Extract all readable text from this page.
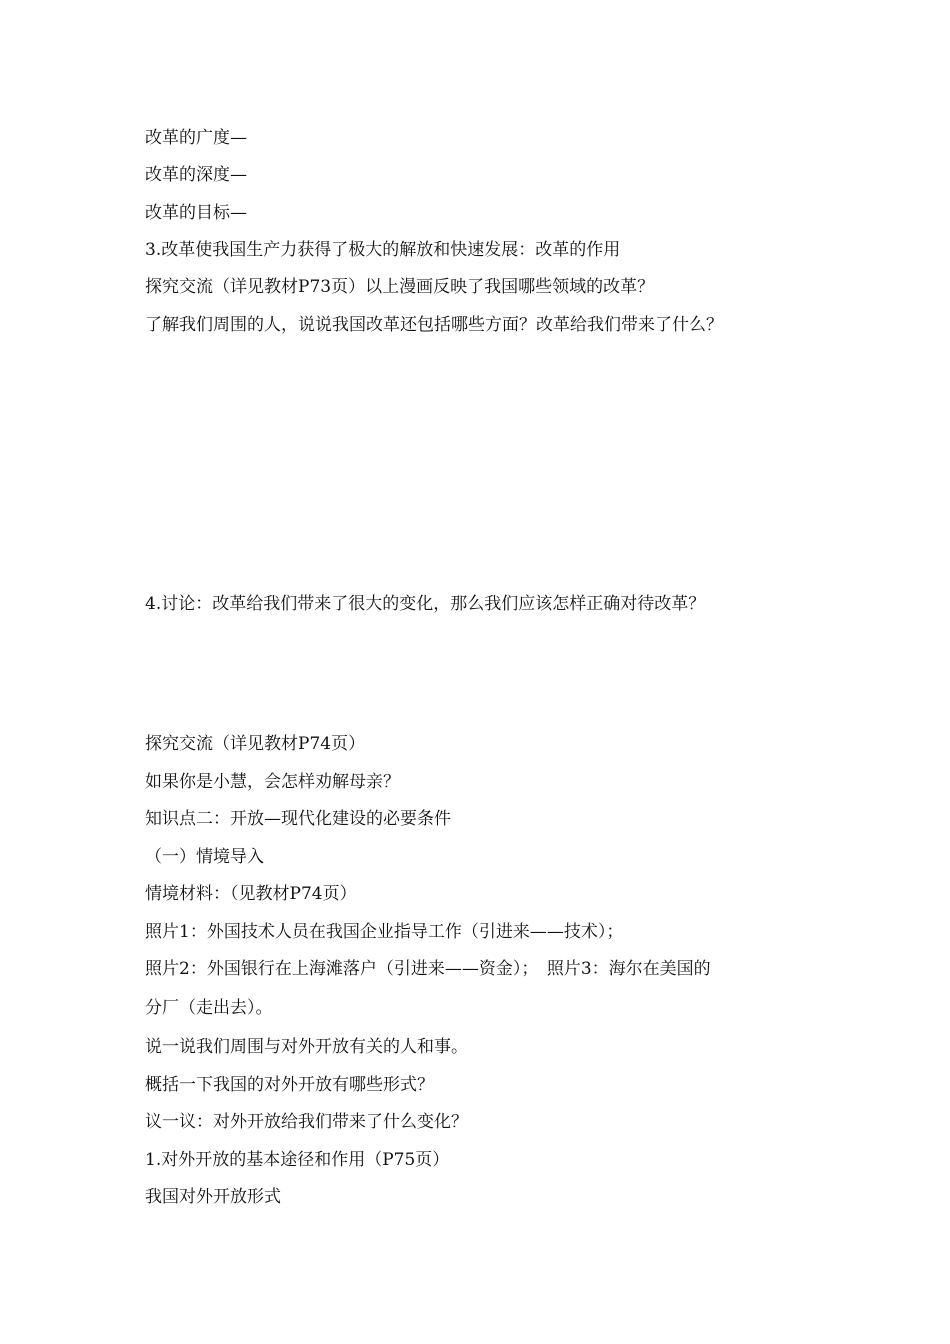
改革的广度—
改革的深度—
改革的目标—
3.改革使我国生产力获得了极大的解放和快速发展：改革的作用
探究交流（详见教材P73页）以上漫画反映了我国哪些领域的改革？
了解我们周围的人，说说我国改革还包括哪些方面？改革给我们带来了什么？
4.讨论：改革给我们带来了很大的变化，那么我们应该怎样正确对待改革？
探究交流（详见教材P74页）
如果你是小慧，会怎样劝解母亲？
知识点二：开放—现代化建设的必要条件
（一）情境导入
情境材料：（见教材P74页）
照片1：外国技术人员在我国企业指导工作（引进来——技术）；
照片2：外国银行在上海滩落户（引进来——资金）；　照片3：海尔在美国的
分厂（走出去）。
说一说我们周围与对外开放有关的人和事。
概括一下我国的对外开放有哪些形式？
议一议：对外开放给我们带来了什么变化？
1.对外开放的基本途径和作用（P75页）
我国对外开放形式
